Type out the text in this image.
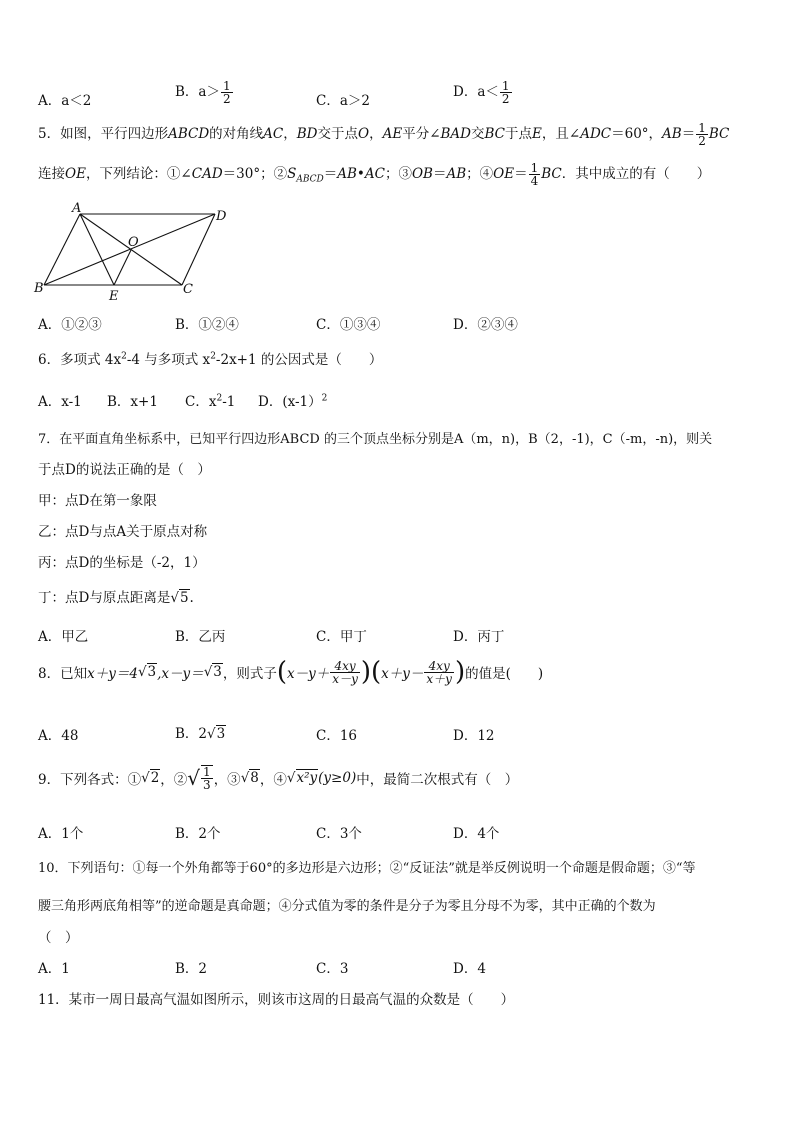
A．a＜2
B．$a> \frac{1}{2}$	C．a＞2
D．$a< \frac{1}{2}$
5．如图，平行四边形ABCD的对角线AC，BD交于点O，AE平分∠BAD交BC于点E，且∠ADC＝60°，$AB= \frac{1}{2}$ BC
连接OE，下列结论：①∠CAD＝30°；$②S_{ABCD}=AB•AC$；③OB＝AB；④OE＝ $\frac{1}{4}$ BC．其中成立的有（　　）
A
D
O
B
E	C
A．①②③	B．①②④	C．①③④	D．②③④
6．多项式 $4x^2-4$ 与多项式 $x^2-2x+1$ 的公因式是（　　）
A．x-1 B．x+1 C．$x^2-1$ D．(x-1）$^2$
7．在平面直角坐标系中，已知平行四边形ABCD 的三个顶点坐标分别是A（m，n)，B（2，-1)，C（-m，-n)，则关
于点D的说法正确的是（　）
甲：点D在第一象限
乙：点D与点A关于原点对称
丙：点D的坐标是（-2，1）
丁：点D与原点距离是√5.
A．甲乙	B．乙丙	C．甲丁	D．丙丁
8．已知x＋y＝4√3,x－y＝√3，则式子$(x-y+ \frac{4xy}{x-y} )(x+y- \frac{4xy}{x+y}$ )的值是(　　)
A．48	B．2√3	C．16	D．12
9．下列各式：①√2，②√ $\frac{1}{3}$ ，③√8，④√x²y(y≥0)中，最简二次根式有（　）
A．1个	B．2个	C．3个	D．4个
10．下列语句：①每一个外角都等于60°的多边形是六边形；②“反证法”就是举反例说明一个命题是假命题；③“等
腰三角形两底角相等”的逆命题是真命题；④分式值为零的条件是分子为零且分母不为零，其中正确的个数为
（　）
A．1	B．2	C．3	D．4
11．某市一周日最高气温如图所示，则该市这周的日最高气温的众数是（　　）
